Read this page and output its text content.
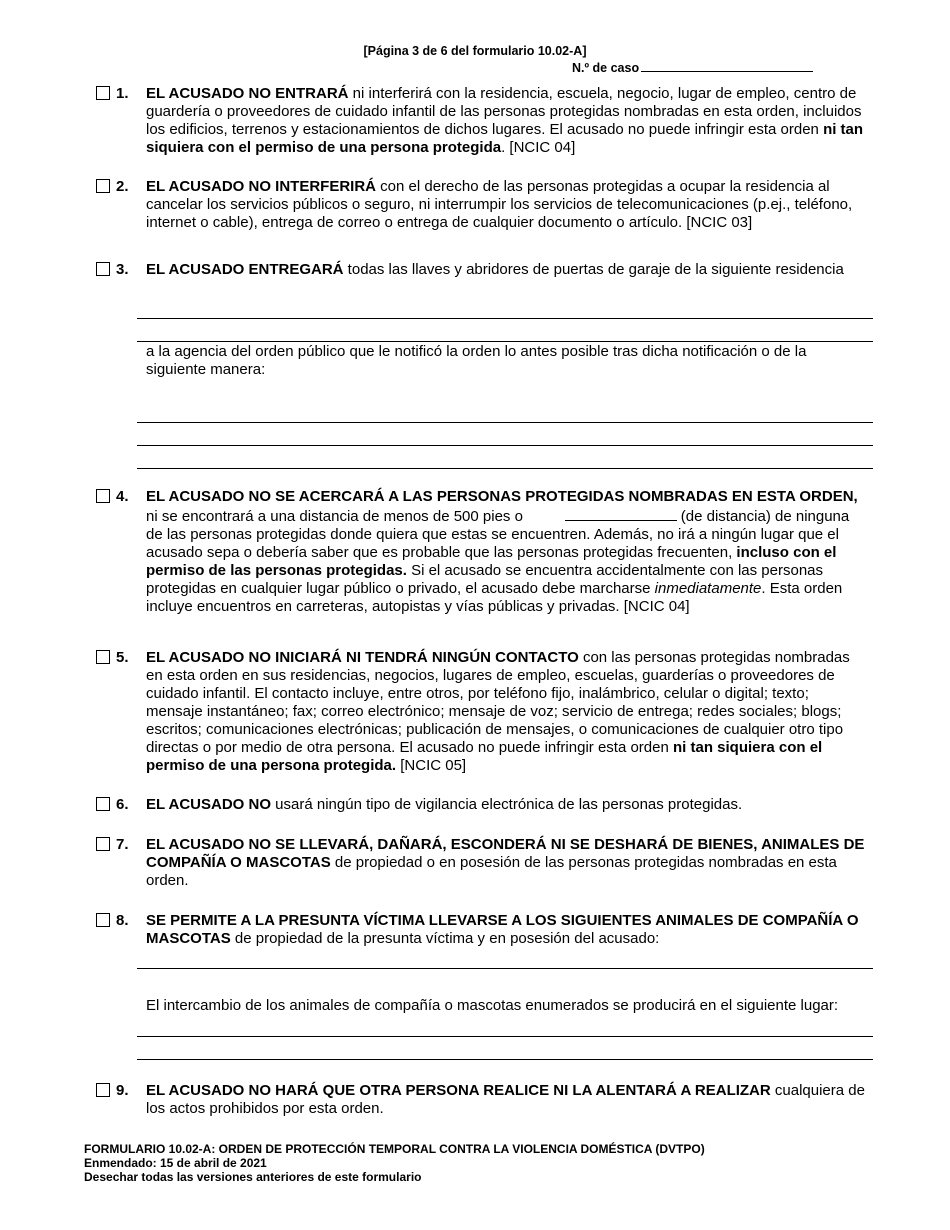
[Página 3 de 6 del formulario 10.02-A]
N.º de caso
1. EL ACUSADO NO ENTRARÁ ni interferirá con la residencia, escuela, negocio, lugar de empleo, centro de guardería o proveedores de cuidado infantil de las personas protegidas nombradas en esta orden, incluidos los edificios, terrenos y estacionamientos de dichos lugares. El acusado no puede infringir esta orden ni tan siquiera con el permiso de una persona protegida. [NCIC 04]
2. EL ACUSADO NO INTERFERIRÁ con el derecho de las personas protegidas a ocupar la residencia al cancelar los servicios públicos o seguro, ni interrumpir los servicios de telecomunicaciones (p.ej., teléfono, internet o cable), entrega de correo o entrega de cualquier documento o artículo. [NCIC 03]
3. EL ACUSADO ENTREGARÁ todas las llaves y abridores de puertas de garaje de la siguiente residencia
a la agencia del orden público que le notificó la orden lo antes posible tras dicha notificación o de la siguiente manera:
4. EL ACUSADO NO SE ACERCARÁ A LAS PERSONAS PROTEGIDAS NOMBRADAS EN ESTA ORDEN, ni se encontrará a una distancia de menos de 500 pies o	(de distancia) de ninguna de las personas protegidas donde quiera que estas se encuentren. Además, no irá a ningún lugar que el acusado sepa o debería saber que es probable que las personas protegidas frecuenten, incluso con el permiso de las personas protegidas. Si el acusado se encuentra accidentalmente con las personas protegidas en cualquier lugar público o privado, el acusado debe marcharse inmediatamente. Esta orden incluye encuentros en carreteras, autopistas y vías públicas y privadas. [NCIC 04]
5. EL ACUSADO NO INICIARÁ NI TENDRÁ NINGÚN CONTACTO con las personas protegidas nombradas en esta orden en sus residencias, negocios, lugares de empleo, escuelas, guarderías o proveedores de cuidado infantil. El contacto incluye, entre otros, por teléfono fijo, inalámbrico, celular o digital; texto; mensaje instantáneo; fax; correo electrónico; mensaje de voz; servicio de entrega; redes sociales; blogs; escritos; comunicaciones electrónicas; publicación de mensajes, o comunicaciones de cualquier otro tipo directas o por medio de otra persona. El acusado no puede infringir esta orden ni tan siquiera con el permiso de una persona protegida. [NCIC 05]
6. EL ACUSADO NO usará ningún tipo de vigilancia electrónica de las personas protegidas.
7. EL ACUSADO NO SE LLEVARÁ, DAÑARÁ, ESCONDERÁ NI SE DESHARÁ DE BIENES, ANIMALES DE COMPAÑÍA O MASCOTAS de propiedad o en posesión de las personas protegidas nombradas en esta orden.
8. SE PERMITE A LA PRESUNTA VÍCTIMA LLEVARSE A LOS SIGUIENTES ANIMALES DE COMPAÑÍA O MASCOTAS de propiedad de la presunta víctima y en posesión del acusado:
El intercambio de los animales de compañía o mascotas enumerados se producirá en el siguiente lugar:
9. EL ACUSADO NO HARÁ QUE OTRA PERSONA REALICE NI LA ALENTARÁ A REALIZAR cualquiera de los actos prohibidos por esta orden.
FORMULARIO 10.02-A: ORDEN DE PROTECCIÓN TEMPORAL CONTRA LA VIOLENCIA DOMÉSTICA (DVTPO)
Enmendado: 15 de abril de 2021
Desechar todas las versiones anteriores de este formulario
